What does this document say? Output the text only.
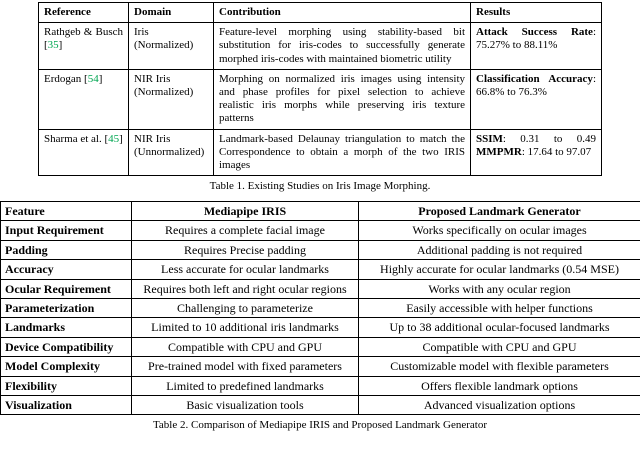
Reference	Domain	Contribution	Results
Rathgeb & Busch [35]	Iris (Normalized)	Feature-level morphing using stability-based bit substitution for iris-codes to successfully generate morphed iris-codes with maintained biometric utility	Attack Success Rate: 75.27% to 88.11%
Erdogan [54]	NIR Iris (Normalized)	Morphing on normalized iris images using intensity and phase profiles for pixel selection to achieve realistic iris morphs while preserving iris texture patterns	Classification Accuracy: 66.8% to 76.3%
Sharma et al. [45]	NIR Iris (Unnormalized)	Landmark-based Delaunay triangulation to match the Correspondence to obtain a morph of the two IRIS images	SSIM: 0.31 to 0.49 MMPMR: 17.64 to 97.07
Table 1. Existing Studies on Iris Image Morphing.
Feature	Mediapipe IRIS	Proposed Landmark Generator
Input Requirement	Requires a complete facial image	Works specifically on ocular images
Padding	Requires Precise padding	Additional padding is not required
Accuracy	Less accurate for ocular landmarks	Highly accurate for ocular landmarks (0.54 MSE)
Ocular Requirement	Requires both left and right ocular regions	Works with any ocular region
Parameterization	Challenging to parameterize	Easily accessible with helper functions
Landmarks	Limited to 10 additional iris landmarks	Up to 38 additional ocular-focused landmarks
Device Compatibility	Compatible with CPU and GPU	Compatible with CPU and GPU
Model Complexity	Pre-trained model with fixed parameters	Customizable model with flexible parameters
Flexibility	Limited to predefined landmarks	Offers flexible landmark options
Visualization	Basic visualization tools	Advanced visualization options
Table 2. Comparison of Mediapipe IRIS and Proposed Landmark Generator
